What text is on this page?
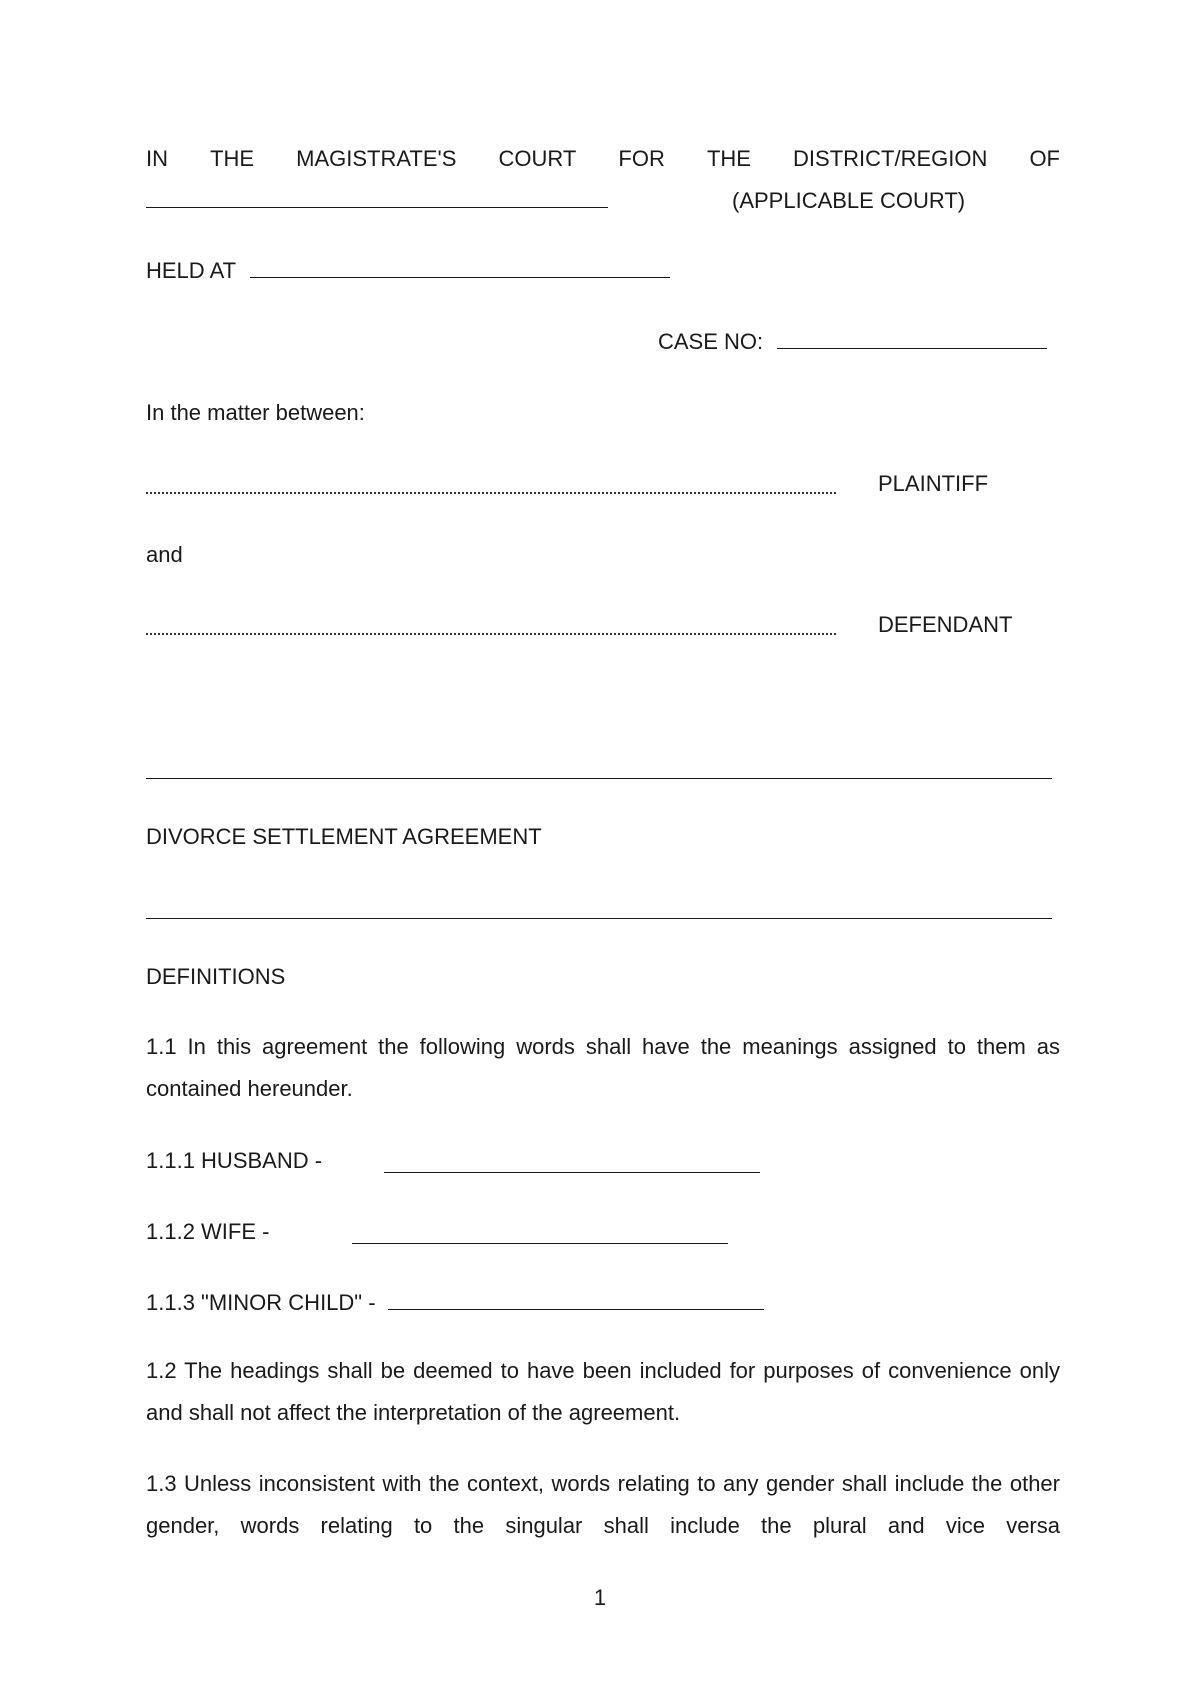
IN THE MAGISTRATE'S COURT FOR THE DISTRICT/REGION OF
(APPLICABLE COURT)
HELD AT
CASE NO:
In the matter between:
PLAINTIFF
and
DEFENDANT
DIVORCE SETTLEMENT AGREEMENT
DEFINITIONS
1.1 In this agreement the following words shall have the meanings assigned to them as contained hereunder.
1.1.1 HUSBAND -
1.1.2 WIFE -
1.1.3 "MINOR CHILD" -
1.2 The headings shall be deemed to have been included for purposes of convenience only and shall not affect the interpretation of the agreement.
1.3 Unless inconsistent with the context, words relating to any gender shall include the other gender, words relating to the singular shall include the plural and vice versa
1
